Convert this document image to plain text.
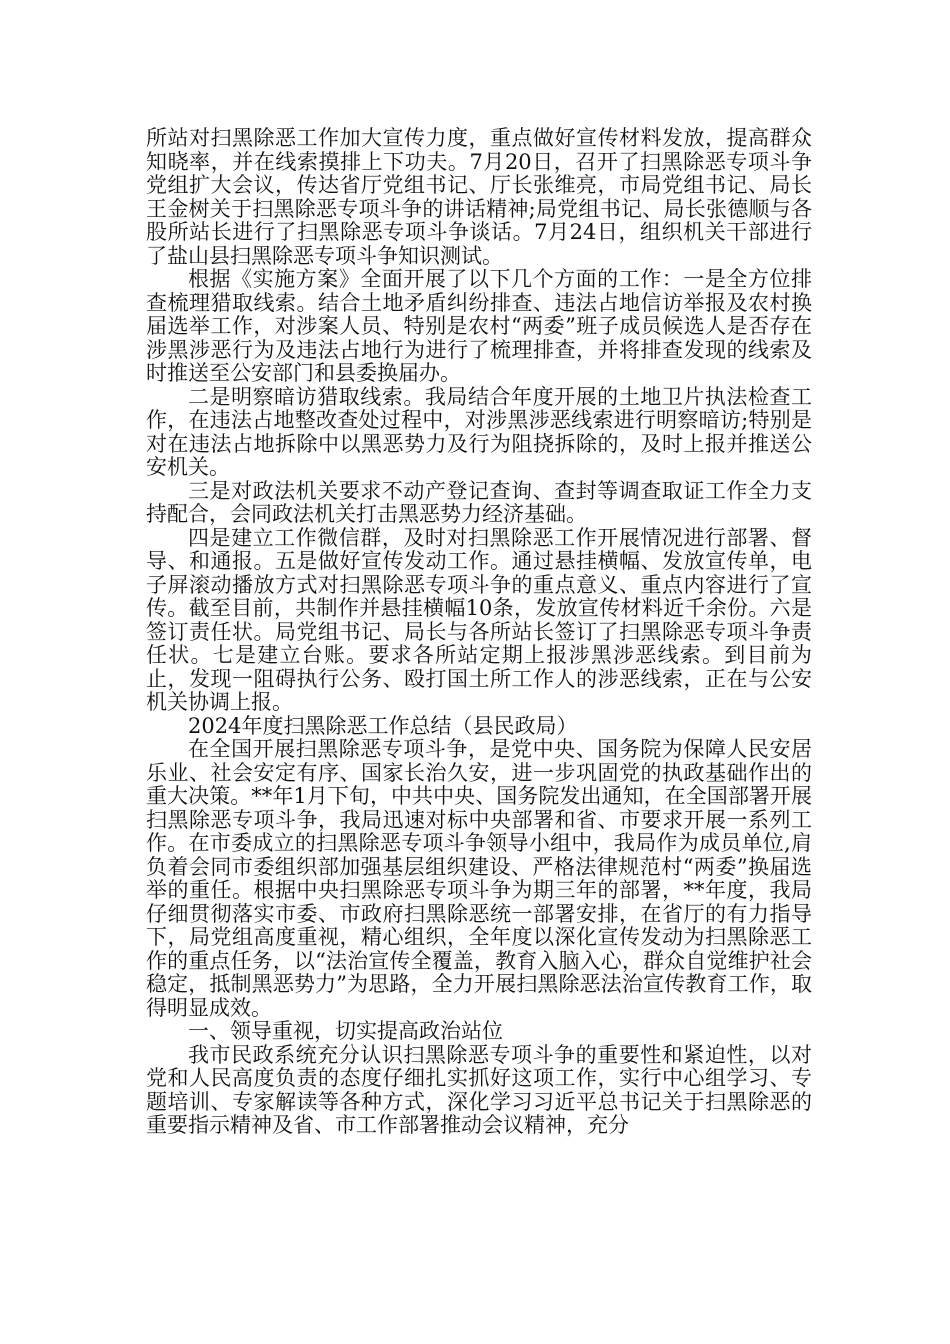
所站对扫黑除恶工作加大宣传力度，重点做好宣传材料发放，提高群众知晓率，并在线索摸排上下功夫。7月20日，召开了扫黑除恶专项斗争党组扩大会议，传达省厅党组书记、厅长张维亮，市局党组书记、局长王金树关于扫黑除恶专项斗争的讲话精神;局党组书记、局长张德顺与各股所站长进行了扫黑除恶专项斗争谈话。7月24日，组织机关干部进行了盐山县扫黑除恶专项斗争知识测试。

根据《实施方案》全面开展了以下几个方面的工作：一是全方位排查梳理猎取线索。结合土地矛盾纠纷排查、违法占地信访举报及农村换届选举工作，对涉案人员、特别是农村“两委”班子成员候选人是否存在涉黑涉恶行为及违法占地行为进行了梳理排查，并将排查发现的线索及时推送至公安部门和县委换届办。

二是明察暗访猎取线索。我局结合年度开展的土地卫片执法检查工作，在违法占地整改查处过程中，对涉黑涉恶线索进行明察暗访;特别是对在违法占地拆除中以黑恶势力及行为阻挠拆除的，及时上报并推送公安机关。

三是对政法机关要求不动产登记查询、查封等调查取证工作全力支持配合，会同政法机关打击黑恶势力经济基础。

四是建立工作微信群，及时对扫黑除恶工作开展情况进行部署、督导、和通报。五是做好宣传发动工作。通过悬挂横幅、发放宣传单，电子屏滚动播放方式对扫黑除恶专项斗争的重点意义、重点内容进行了宣传。截至目前，共制作并悬挂横幅10条，发放宣传材料近千余份。六是签订责任状。局党组书记、局长与各所站长签订了扫黑除恶专项斗争责任状。七是建立台账。要求各所站定期上报涉黑涉恶线索。到目前为止，发现一阻碍执行公务、殴打国土所工作人的涉恶线索，正在与公安机关协调上报。

2024年度扫黑除恶工作总结（县民政局）

在全国开展扫黑除恶专项斗争，是党中央、国务院为保障人民安居乐业、社会安定有序、国家长治久安，进一步巩固党的执政基础作出的重大决策。**年1月下旬，中共中央、国务院发出通知，在全国部署开展扫黑除恶专项斗争，我局迅速对标中央部署和省、市要求开展一系列工作。在市委成立的扫黑除恶专项斗争领导小组中，我局作为成员单位,肩负着会同市委组织部加强基层组织建设、严格法律规范村“两委”换届选举的重任。根据中央扫黑除恶专项斗争为期三年的部署，**年度，我局仔细贯彻落实市委、市政府扫黑除恶统一部署安排，在省厅的有力指导下，局党组高度重视，精心组织，全年度以深化宣传发动为扫黑除恶工作的重点任务，以“法治宣传全覆盖，教育入脑入心，群众自觉维护社会稳定，抵制黑恶势力”为思路，全力开展扫黑除恶法治宣传教育工作，取得明显成效。

一、领导重视，切实提高政治站位

我市民政系统充分认识扫黑除恶专项斗争的重要性和紧迫性，以对党和人民高度负责的态度仔细扎实抓好这项工作，实行中心组学习、专题培训、专家解读等各种方式，深化学习习近平总书记关于扫黑除恶的重要指示精神及省、市工作部署推动会议精神，充分
